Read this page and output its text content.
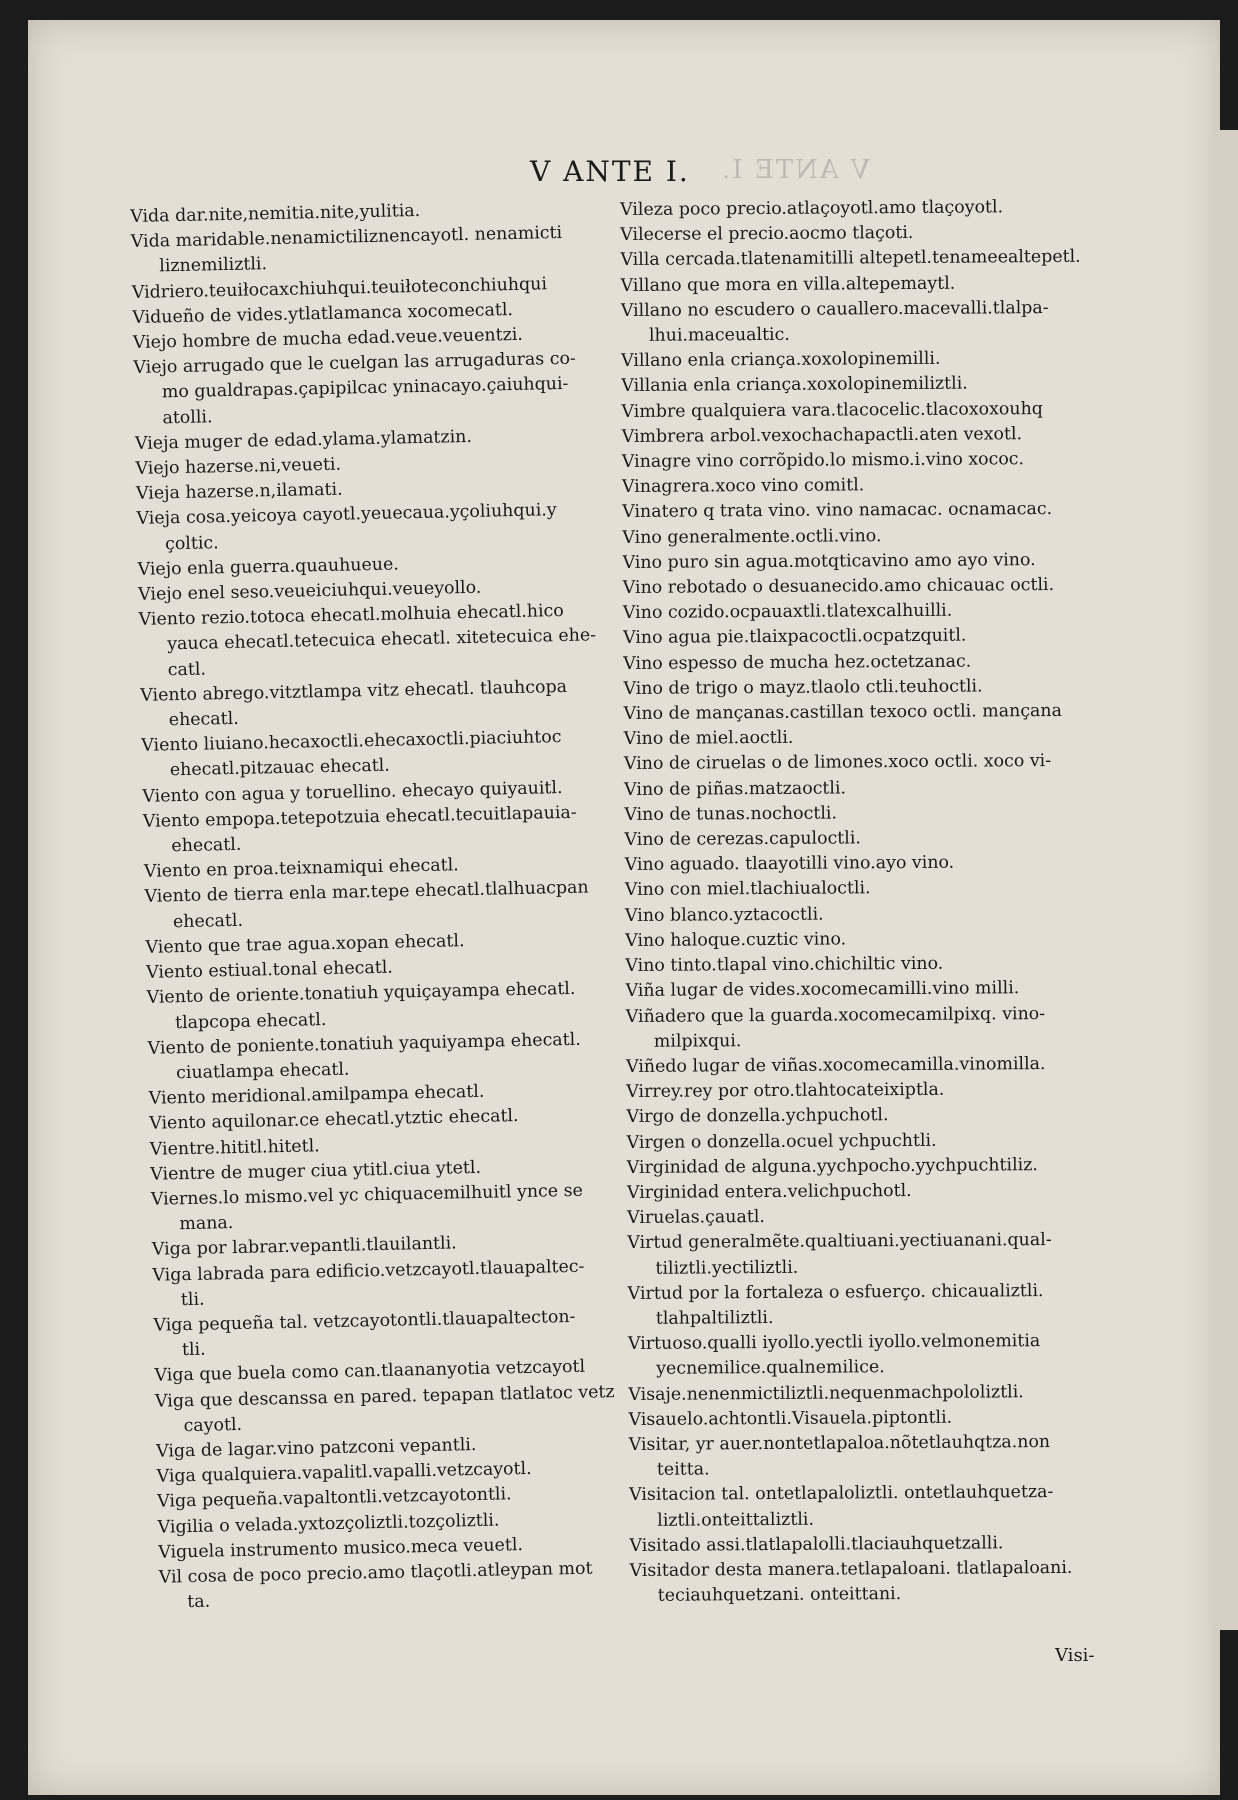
V ANTE I. V ANTE I.
Vida dar.nite,nemitia.nite,yulitia.
Vida maridable.nenamictiliznencayotl. nenamicti
liznemiliztli.
Vidriero.teuiłocaxchiuhqui.teuiłoteconchiuhqui
Vidueño de vides.ytlatlamanca xocomecatl.
Viejo hombre de mucha edad.veue.veuentzi.
Viejo arrugado que le cuelgan las arrugaduras co-
mo gualdrapas.çapipilcac yninacayo.çaiuhqui-atolli.
Vieja muger de edad.ylama.ylamatzin.
Viejo hazerse.ni,veueti.
Vieja hazerse.n,ilamati.
Vieja cosa.yeicoya cayotl.yeuecaua.yçoliuhqui.y
çoltic.
Viejo enla guerra.quauhueue.
Viejo enel seso.veueiciuhqui.veueyollo.
Viento rezio.totoca ehecatl.molhuia ehecatl.hico
yauca ehecatl.tetecuica ehecatl. xitetecuica ehe-catl.
Viento abrego.vitztlampa vitz ehecatl. tlauhcopa
ehecatl.
Viento liuiano.hecaxoctli.ehecaxoctli.piaciuhtoc
ehecatl.pitzauac ehecatl.
Viento con agua y toruellino. ehecayo quiyauitl.
Viento empopa.tetepotzuia ehecatl.tecuitlapauia-
ehecatl.
Viento en proa.teixnamiqui ehecatl.
Viento de tierra enla mar.tepe ehecatl.tlalhuacpan
ehecatl.
Viento que trae agua.xopan ehecatl.
Viento estiual.tonal ehecatl.
Viento de oriente.tonatiuh yquiçayampa ehecatl.
tlapcopa ehecatl.
Viento de poniente.tonatiuh yaquiyampa ehecatl.
ciuatlampa ehecatl.
Viento meridional.amilpampa ehecatl.
Viento aquilonar.ce ehecatl.ytztic ehecatl.
Vientre.hititl.hitetl.
Vientre de muger ciua ytitl.ciua ytetl.
Viernes.lo mismo.vel yc chiquacemilhuitl ynce se
mana.
Viga por labrar.vepantli.tlauilantli.
Viga labrada para edificio.vetzcayotl.tlauapaltec-
tli.
Viga pequeña tal. vetzcayotontli.tlauapaltecton-
tli.
Viga que buela como can.tlaananyotia vetzcayotl
Viga que descanssa en pared. tepapan tlatlatoc vetz
cayotl.
Viga de lagar.vino patzconi vepantli.
Viga qualquiera.vapalitl.vapalli.vetzcayotl.
Viga pequeña.vapaltontli.vetzcayotontli.
Vigilia o velada.yxtozçoliztli.tozçoliztli.
Viguela instrumento musico.meca veuetl.
Vil cosa de poco precio.amo tlaçotli.atleypan mot
ta.
Vileza poco precio.atlaçoyotl.amo tlaçoyotl.
Vilecerse el precio.aocmo tlaçoti.
Villa cercada.tlatenamitilli altepetl.tenameealtepetl.
Villano que mora en villa.altepemaytl.
Villano no escudero o cauallero.macevalli.tlalpa-
lhui.maceualtic.
Villano enla criança.xoxolopinemilli.
Villania enla criança.xoxolopinemiliztli.
Vimbre qualquiera vara.tlacocelic.tlacoxoxouhq
Vimbrera arbol.vexochachapactli.aten vexotl.
Vinagre vino corrõpido.lo mismo.i.vino xococ.
Vinagrera.xoco vino comitl.
Vinatero q trata vino. vino namacac. ocnamacac.
Vino generalmente.octli.vino.
Vino puro sin agua.motqticavino amo ayo vino.
Vino rebotado o desuanecido.amo chicauac octli.
Vino cozido.ocpauaxtli.tlatexcalhuilli.
Vino agua pie.tlaixpacoctli.ocpatzquitl.
Vino espesso de mucha hez.octetzanac.
Vino de trigo o mayz.tlaolo ctli.teuhoctli.
Vino de mançanas.castillan texoco octli. mançana
Vino de miel.aoctli.
Vino de ciruelas o de limones.xoco octli. xoco vi-
Vino de piñas.matzaoctli.
Vino de tunas.nochoctli.
Vino de cerezas.capuloctli.
Vino aguado. tlaayotilli vino.ayo vino.
Vino con miel.tlachiualoctli.
Vino blanco.yztacoctli.
Vino haloque.cuztic vino.
Vino tinto.tlapal vino.chichiltic vino.
Viña lugar de vides.xocomecamilli.vino milli.
Viñadero que la guarda.xocomecamilpixq. vino-
milpixqui.
Viñedo lugar de viñas.xocomecamilla.vinomilla.
Virrey.rey por otro.tlahtocateixiptla.
Virgo de donzella.ychpuchotl.
Virgen o donzella.ocuel ychpuchtli.
Virginidad de alguna.yychpocho.yychpuchtiliz.
Virginidad entera.velichpuchotl.
Viruelas.çauatl.
Virtud generalmẽte.qualtiuani.yectiuanani.qual-
tiliztli.yectiliztli.
Virtud por la fortaleza o esfuerço. chicaualiztli.
tlahpaltiliztli.
Virtuoso.qualli iyollo.yectli iyollo.velmonemitia
yecnemilice.qualnemilice.
Visaje.nenenmictiliztli.nequenmachpololiztli.
Visauelo.achtontli.Visauela.piptontli.
Visitar, yr auer.nontetlapaloa.nõtetlauhqtza.non
teitta.
Visitacion tal. ontetlapaloliztli. ontetlauhquetza-
liztli.onteittaliztli.
Visitado assi.tlatlapalolli.tlaciauhquetzalli.
Visitador desta manera.tetlapaloani. tlatlapaloani.
teciauhquetzani. onteittani.
Visi-
